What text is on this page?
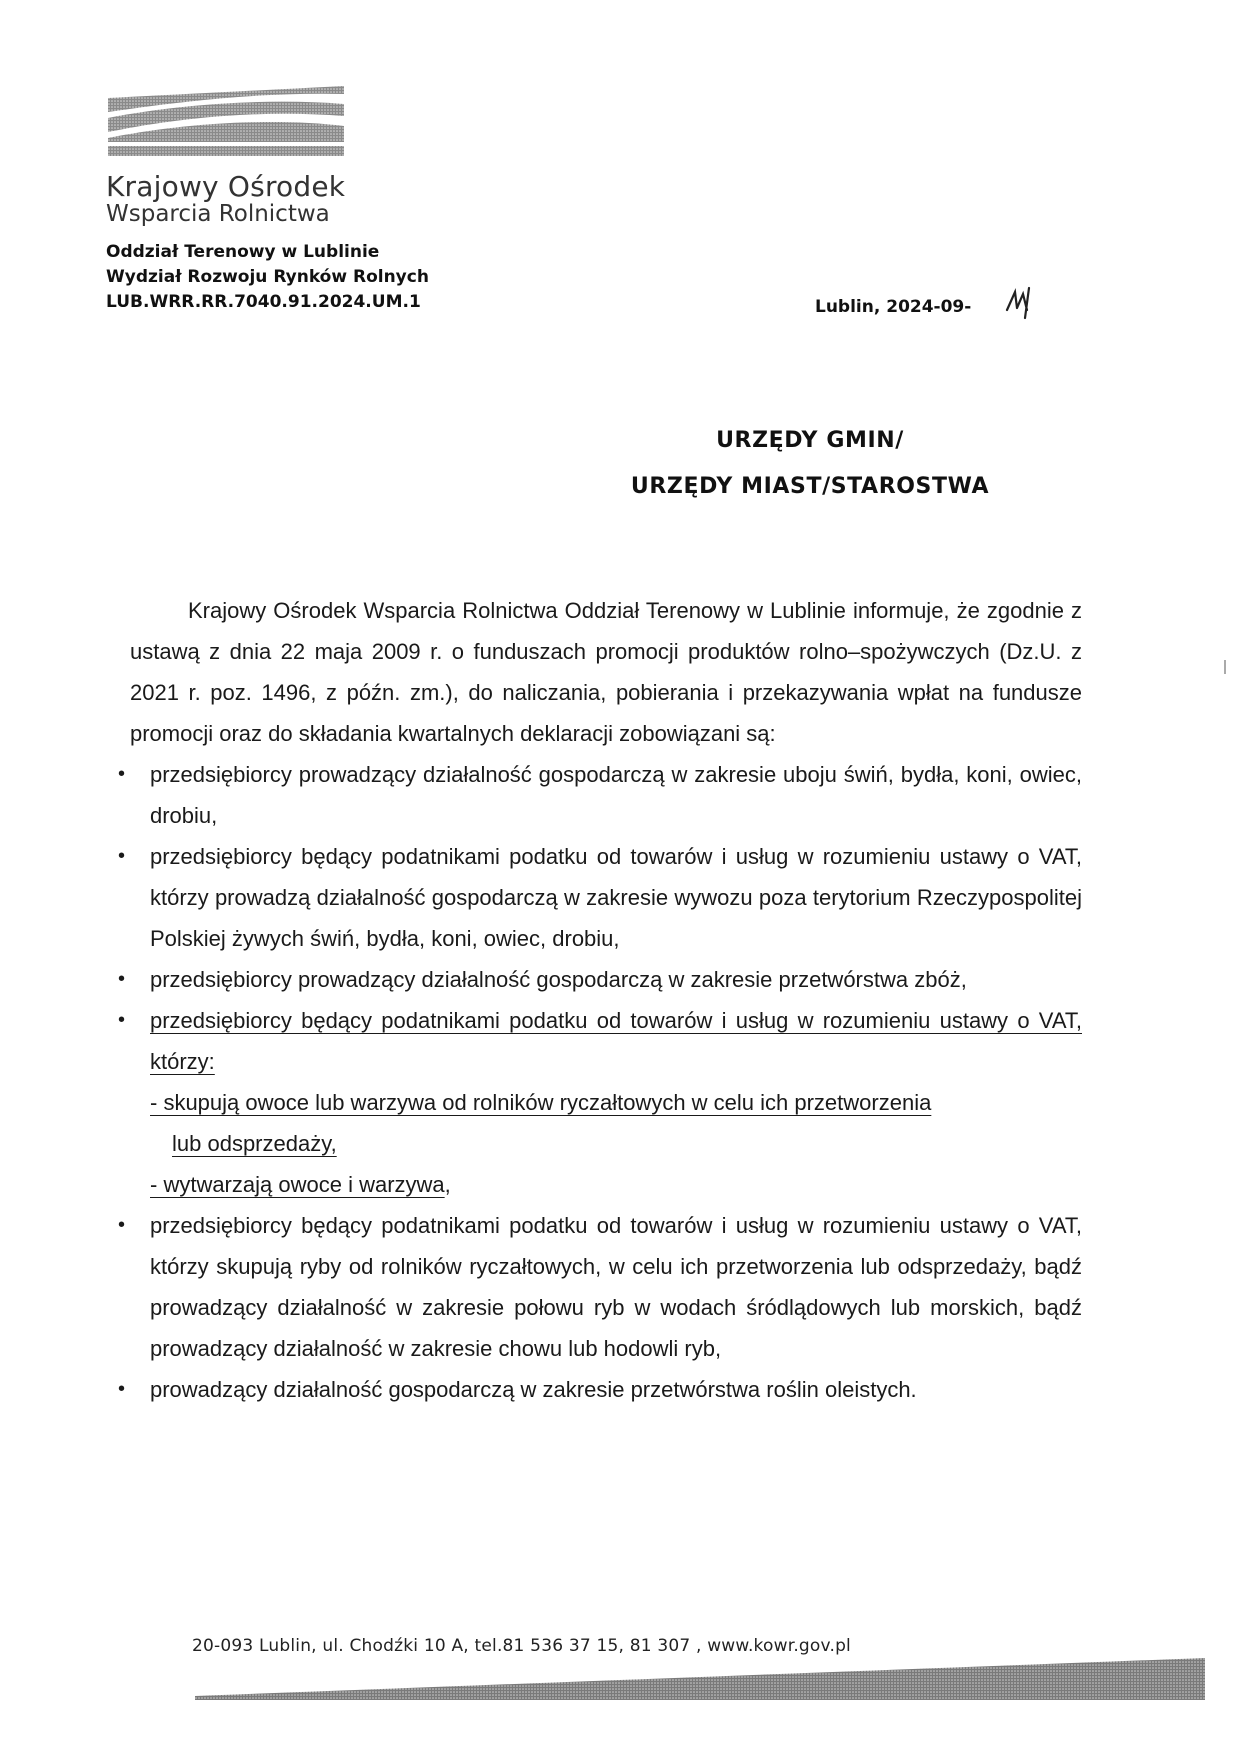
Krajowy Ośrodek
Wsparcia Rolnictwa
Oddział Terenowy w Lublinie
Wydział Rozwoju Rynków Rolnych
LUB.WRR.RR.7040.91.2024.UM.1	Lublin, 2024-09-
URZĘDY GMIN/
URZĘDY MIAST/STAROSTWA

Krajowy Ośrodek Wsparcia Rolnictwa Oddział Terenowy w Lublinie informuje, że zgodnie z ustawą z dnia 22 maja 2009 r. o funduszach promocji produktów rolno–spożywczych (Dz.U. z 2021 r. poz. 1496, z późn. zm.), do naliczania, pobierania i przekazywania wpłat na fundusze promocji oraz do składania kwartalnych deklaracji zobowiązani są:

• przedsiębiorcy prowadzący działalność gospodarczą w zakresie uboju świń, bydła, koni, owiec, drobiu,
• przedsiębiorcy będący podatnikami podatku od towarów i usług w rozumieniu ustawy o VAT, którzy prowadzą działalność gospodarczą w zakresie wywozu poza terytorium Rzeczypospolitej Polskiej żywych świń, bydła, koni, owiec, drobiu,
• przedsiębiorcy prowadzący działalność gospodarczą w zakresie przetwórstwa zbóż,
• przedsiębiorcy będący podatnikami podatku od towarów i usług w rozumieniu ustawy o VAT, którzy:
- skupują owoce lub warzywa od rolników ryczałtowych w celu ich przetworzenia
lub odsprzedaży,
- wytwarzają owoce i warzywa,
• przedsiębiorcy będący podatnikami podatku od towarów i usług w rozumieniu ustawy o VAT, którzy skupują ryby od rolników ryczałtowych, w celu ich przetworzenia lub odsprzedaży, bądź prowadzący działalność w zakresie połowu ryb w wodach śródlądowych lub morskich, bądź prowadzący działalność w zakresie chowu lub hodowli ryb,
• prowadzący działalność gospodarczą w zakresie przetwórstwa roślin oleistych.
20-093 Lublin, ul. Chodźki 10 A, tel.81 536 37 15, 81 307 , www.kowr.gov.pl
